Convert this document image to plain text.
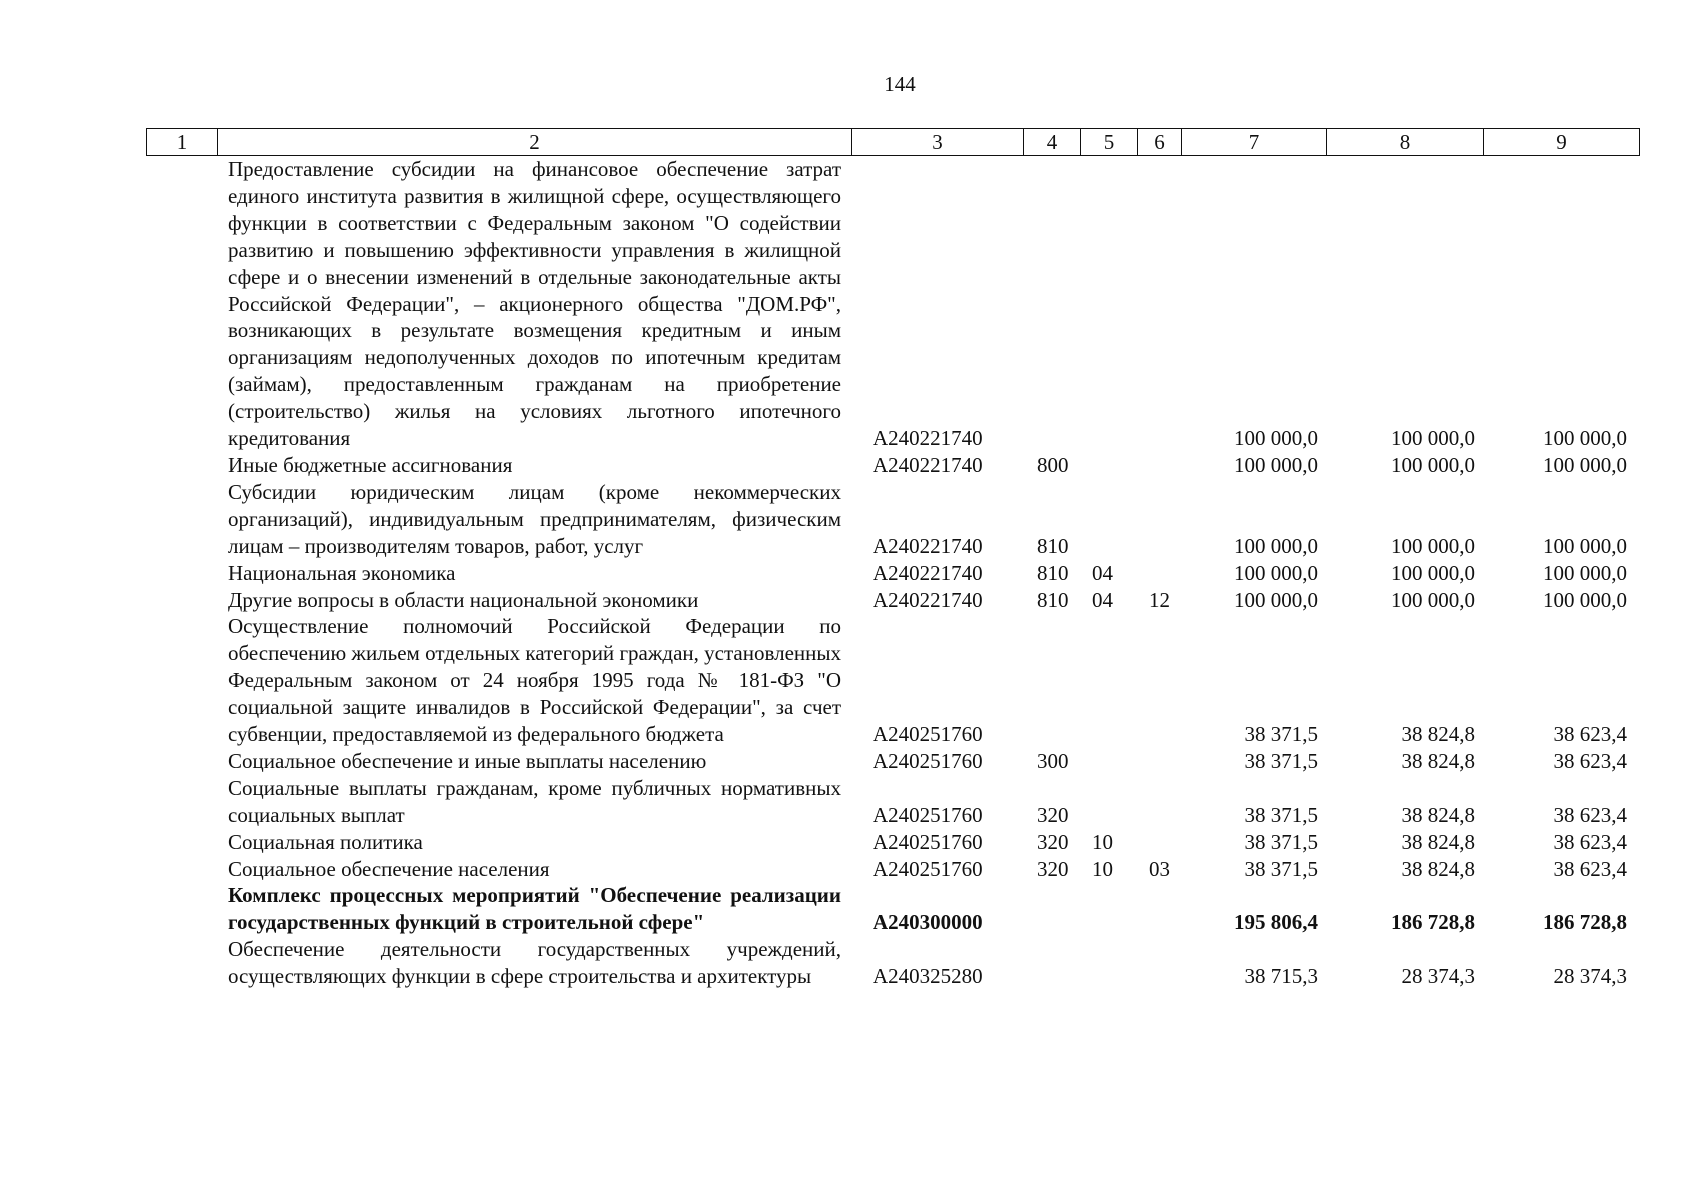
144
1	2	3	4	5	6	7	8	9
	Предоставление субсидии на финансовое обеспечение затрат единого института развития в жилищной сфере, осуществляющего функции в соответствии с Федеральным законом "О содействии развитию и повышению эффективности управления в жилищной сфере и о внесении изменений в отдельные законодательные акты Российской Федерации", – акционерного общества "ДОМ.РФ", возникающих в результате возмещения кредитным и иным организациям недополученных доходов по ипотечным кредитам (займам), предоставленным гражданам на приобретение (строительство) жилья на условиях льготного ипотечного кредитования	А240221740				100 000,0	100 000,0	100 000,0
	Иные бюджетные ассигнования	А240221740	800			100 000,0	100 000,0	100 000,0
	Субсидии юридическим лицам (кроме некоммерческих организаций), индивидуальным предпринимателям, физическим лицам – производителям товаров, работ, услуг	А240221740	810			100 000,0	100 000,0	100 000,0
	Национальная экономика	А240221740	810	04		100 000,0	100 000,0	100 000,0
	Другие вопросы в области национальной экономики	А240221740	810	04	12	100 000,0	100 000,0	100 000,0
	Осуществление полномочий Российской Федерации по обеспечению жильем отдельных категорий граждан, установленных Федеральным законом от 24 ноября 1995 года № 181-ФЗ "О социальной защите инвалидов в Российской Федерации", за счет субвенции, предоставляемой из федерального бюджета	А240251760				38 371,5	38 824,8	38 623,4
	Социальное обеспечение и иные выплаты населению	А240251760	300			38 371,5	38 824,8	38 623,4
	Социальные выплаты гражданам, кроме публичных нормативных социальных выплат	А240251760	320			38 371,5	38 824,8	38 623,4
	Социальная политика	А240251760	320	10		38 371,5	38 824,8	38 623,4
	Социальное обеспечение населения	А240251760	320	10	03	38 371,5	38 824,8	38 623,4
	Комплекс процессных мероприятий "Обеспечение реализации государственных функций в строительной сфере"	А240300000				195 806,4	186 728,8	186 728,8
	Обеспечение деятельности государственных учреждений, осуществляющих функции в сфере строительства и архитектуры	А240325280				38 715,3	28 374,3	28 374,3
